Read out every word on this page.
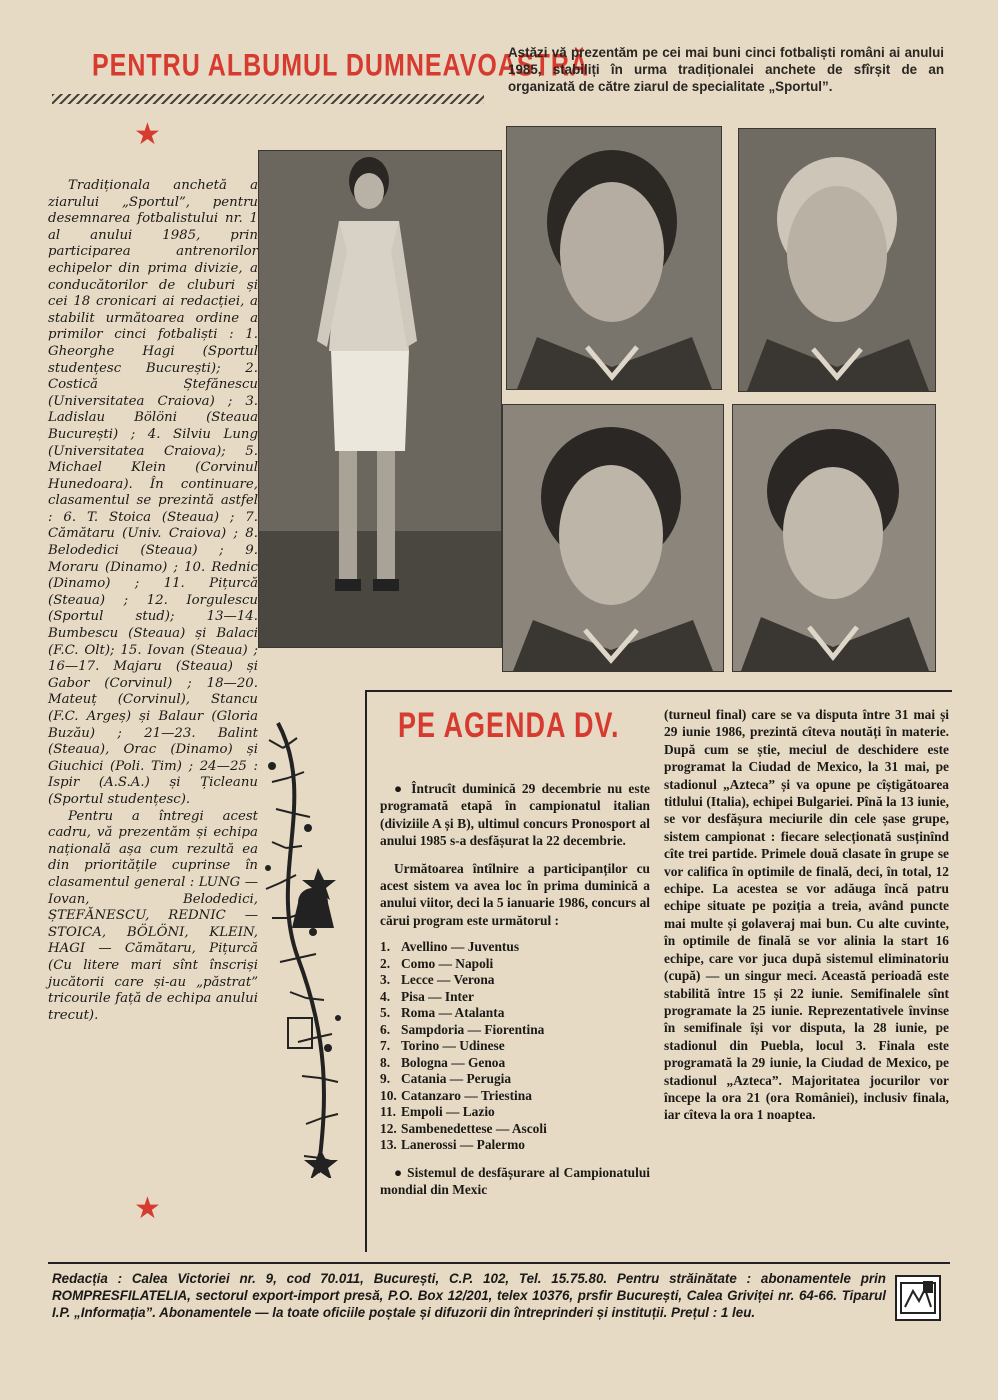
PENTRU ALBUMUL DUMNEAVOASTRĂ
Astăzi vă prezentăm pe cei mai buni cinci fotbaliști români ai anului 1985, stabiliți în urma tradiționalei anchete de sfîrșit de an organizată de către ziarul de specialitate „Sportul”.
★

Tradiționala anchetă a ziarului „Sportul”, pentru desemnarea fotbalistului nr. 1 al anului 1985, prin participarea antrenorilor echipelor din prima divizie, a conducătorilor de cluburi și cei 18 cronicari ai redacției, a stabilit următoarea ordine a primilor cinci fotbaliști : 1. Gheorghe Hagi (Sportul studențesc București); 2. Costică Ștefănescu (Universitatea Craiova) ; 3. Ladislau Bölöni (Steaua București) ; 4. Silviu Lung (Universitatea Craiova); 5. Michael Klein (Corvinul Hunedoara). În continuare, clasamentul se prezintă astfel : 6. T. Stoica (Steaua) ; 7. Cămătaru (Univ. Craiova) ; 8. Belodedici (Steaua) ; 9. Moraru (Dinamo) ; 10. Rednic (Dinamo) ; 11. Pițurcă (Steaua) ; 12. Iorgulescu (Sportul stud); 13—14. Bumbescu (Steaua) și Balaci (F.C. Olt); 15. Iovan (Steaua) ; 16—17. Majaru (Steaua) și Gabor (Corvinul) ; 18—20. Mateuț (Corvinul), Stancu (F.C. Argeș) și Balaur (Gloria Buzău) ; 21—23. Balint (Steaua), Orac (Dinamo) și Giuchici (Poli. Tim) ; 24—25 : Ispir (A.S.A.) și Țicleanu (Sportul studențesc).

Pentru a întregi acest cadru, vă prezentăm și echipa națională așa cum rezultă ea din prioritățile cuprinse în clasamentul general : LUNG — Iovan, Belodedici, ȘTEFĂNESCU, REDNIC — STOICA, BÖLÖNI, KLEIN, HAGI — Cămătaru, Pițurcă (Cu litere mari sînt înscriși jucătorii care și-au „păstrat” tricourile față de echipa anului trecut).

★
PE AGENDA DV.

● Întrucît duminică 29 decembrie nu este programată etapă în campionatul italian (diviziile A și B), ultimul concurs Pronosport al anului 1985 s-a desfășurat la 22 decembrie.

Următoarea întîlnire a participanților cu acest sistem va avea loc în prima duminică a anului viitor, deci la 5 ianuarie 1986, concurs al cărui program este următorul :

1. Avellino — Juventus
2. Como — Napoli
3. Lecce — Verona
4. Pisa — Inter
5. Roma — Atalanta
6. Sampdoria — Fiorentina
7. Torino — Udinese
8. Bologna — Genoa
9. Catania — Perugia
10. Catanzaro — Triestina
11. Empoli — Lazio
12. Sambenedettese — Ascoli
13. Lanerossi — Palermo

● Sistemul de desfășurare al Campionatului mondial din Mexic

(turneul final) care se va disputa între 31 mai și 29 iunie 1986, prezintă cîteva noutăți în materie. După cum se știe, meciul de deschidere este programat la Ciudad de Mexico, la 31 mai, pe stadionul „Azteca” și va opune pe cîștigătoarea titlului (Italia), echipei Bulgariei. Pînă la 13 iunie, se vor desfășura meciurile din cele șase grupe, sistem campionat : fiecare selecționată susținînd cîte trei partide. Primele două clasate în grupe se vor califica în optimile de finală, deci, în total, 12 echipe. La acestea se vor adăuga încă patru echipe situate pe poziția a treia, având puncte mai multe și golaveraj mai bun. Cu alte cuvinte, în optimile de finală se vor alinia la start 16 echipe, care vor juca după sistemul eliminatoriu (cupă) — un singur meci. Această perioadă este stabilită între 15 și 22 iunie. Semifinalele sînt programate la 25 iunie. Reprezentativele învinse în semifinale își vor disputa, la 28 iunie, pe stadionul din Puebla, locul 3. Finala este programată la 29 iunie, la Ciudad de Mexico, pe stadionul „Azteca”. Majoritatea jocurilor vor începe la ora 21 (ora României), inclusiv finala, iar cîteva la ora 1 noaptea.

Redacția : Calea Victoriei nr. 9, cod 70.011, București, C.P. 102, Tel. 15.75.80. Pentru străinătate : abonamentele prin ROMPRESFILATELIA, sectorul export-import presă, P.O. Box 12/201, telex 10376, prsfir București, Calea Griviței nr. 64-66. Tiparul I.P. „Informația”. Abonamentele — la toate oficiile poștale și difuzorii din întreprinderi și instituții. Prețul : 1 leu.
